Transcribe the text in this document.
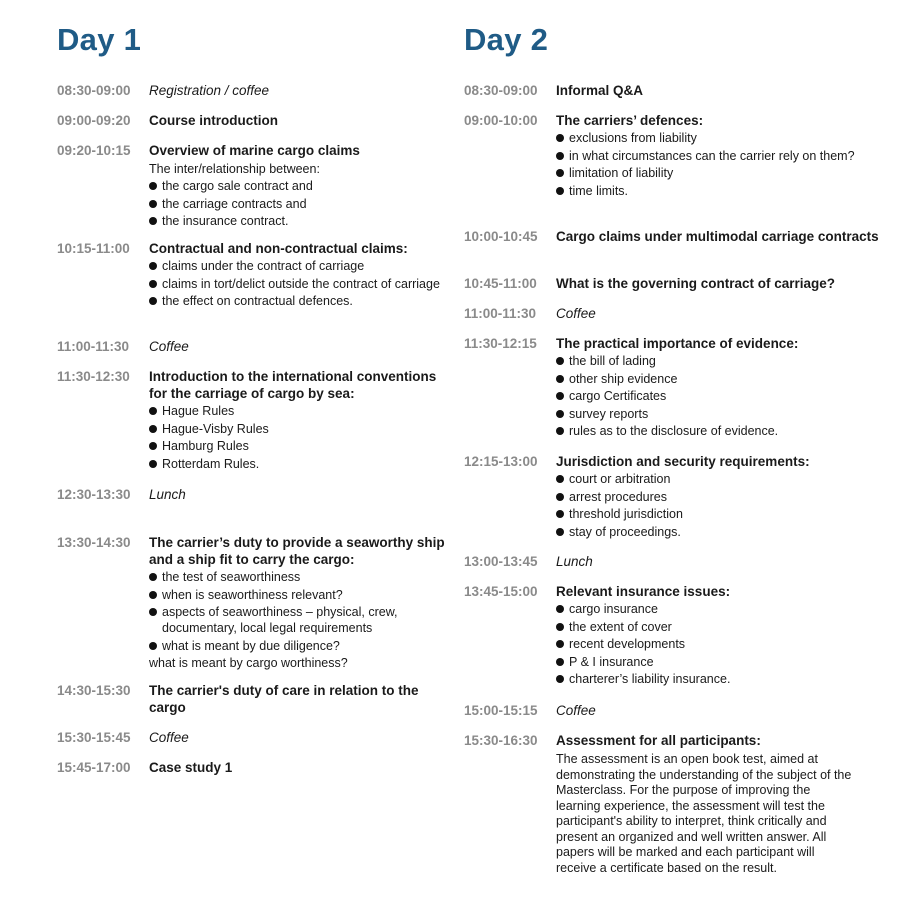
Day 1
08:30-09:00	Registration / coffee
09:00-09:20	Course introduction
09:20-10:15	Overview of marine cargo claims
The inter/relationship between:
the cargo sale contract and
the carriage contracts and
the insurance contract.
10:15-11:00	Contractual and non-contractual claims:
claims under the contract of carriage
claims in tort/delict outside the contract of carriage
the effect on contractual defences.
11:00-11:30	Coffee
11:30-12:30	Introduction to the international conventions for the carriage of cargo by sea:
Hague Rules
Hague-Visby Rules
Hamburg Rules
Rotterdam Rules.
12:30-13:30	Lunch
13:30-14:30	The carrier’s duty to provide a seaworthy ship and a ship fit to carry the cargo:
the test of seaworthiness
when is seaworthiness relevant?
aspects of seaworthiness – physical, crew, documentary, local legal requirements
what is meant by due diligence?
what is meant by cargo worthiness?
14:30-15:30	The carrier's duty of care in relation to the cargo
15:30-15:45	Coffee
15:45-17:00	Case study 1
Day 2
08:30-09:00	Informal Q&A
09:00-10:00	The carriers’ defences:
exclusions from liability
in what circumstances can the carrier rely on them?
limitation of liability
time limits.
10:00-10:45	Cargo claims under multimodal carriage contracts
10:45-11:00	What is the governing contract of carriage?
11:00-11:30	Coffee
11:30-12:15	The practical importance of evidence:
the bill of lading
other ship evidence
cargo Certificates
survey reports
rules as to the disclosure of evidence.
12:15-13:00	Jurisdiction and security requirements:
court or arbitration
arrest procedures
threshold jurisdiction
stay of proceedings.
13:00-13:45	Lunch
13:45-15:00	Relevant insurance issues:
cargo insurance
the extent of cover
recent developments
P & I insurance
charterer’s liability insurance.
15:00-15:15	Coffee
15:30-16:30	Assessment for all participants:
The assessment is an open book test, aimed at demonstrating the understanding of the subject of the Masterclass. For the purpose of improving the learning experience, the assessment will test the participant's ability to interpret, think critically and present an organized and well written answer. All papers will be marked and each participant will receive a certificate based on the result.
